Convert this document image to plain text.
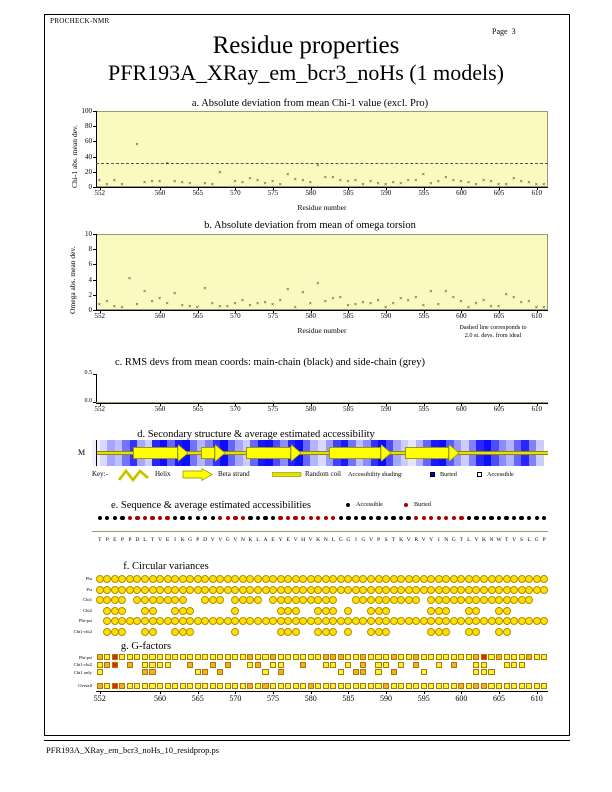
PROCHECK-NMR
Page 3
Residue properties
PFR193A_XRay_em_bcr3_noHs (1 models)
a. Absolute deviation from mean Chi-1 value (excl. Pro)
Chi-1 abs. mean dev.
Residue number
552	560	565	570	575	580	585	590	595	600	605	610
0
20
40
60
80
100
×
×
×
×
×
× × ×
×
× × × × ×
×
× ×
× × × × ×
×
× × ×
×
× ×
× × ×
× × × × × × × ×
×
× ×
× × × × ×
× × × ×
× × × × ×
b. Absolute deviation from mean of omega torsion
Omega abs. mean dev.
Residue number	Dashed line corresponds to
2.0 st. devs. from ideal
552	560	565	570	575	580	585	590	595	600	605	610
0
2
4
6
8
10
× ×
× ×
×
×
×
×
×
×
×
× × ×
×
× × × ×
×
× × × ×
×
×
×
×
×
×
×
× ×
× × × × ×
×
×
× × ×
×
×
×
×
×
×
×
× ×
× ×
×
×
× ×
× ×
c. RMS devs from mean coords: main-chain (black) and side-chain (grey)
0.5
0.0
552	560	565	570	575	580	585	590	595	600	605	610
d. Secondary structure & average estimated accessibility
M
Key:-	Helix	Beta strand	Random coil Accessibility shading:	Buried	Accessible
e. Sequence & average estimated accessibilities	Accessible	Buried
T P E P P D L T V E I K G P D V V G V N K L A E Y E V H V K N L G G I G V P S T K V R V Y I N G T L Y K N W T V S L G P
f. Circular variances
Phi
Psi
Chi1
Chi2
Phi-psi
Chi1-chi2
g. G-factors
Phi-psi
Chi1-chi2
Chi1 only
Overall
552	560	565	570	575	580	585	590	595	600	605	610
PFR193A_XRay_em_bcr3_noHs_10_residprop.ps
